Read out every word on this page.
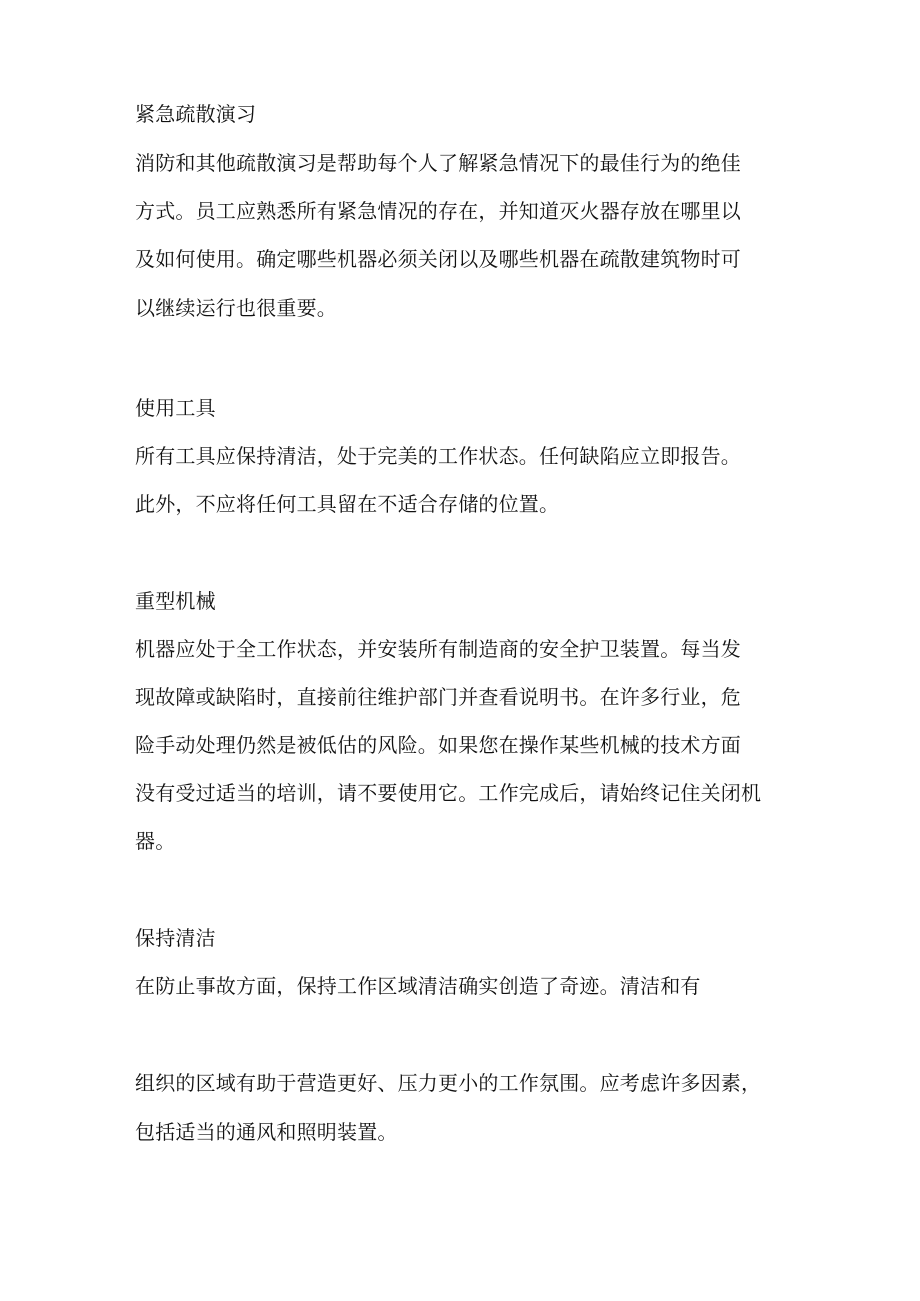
紧急疏散演习
消防和其他疏散演习是帮助每个人了解紧急情况下的最佳行为的绝佳
方式。员工应熟悉所有紧急情况的存在，并知道灭火器存放在哪里以
及如何使用。确定哪些机器必须关闭以及哪些机器在疏散建筑物时可
以继续运行也很重要。
使用工具
所有工具应保持清洁，处于完美的工作状态。任何缺陷应立即报告。
此外，不应将任何工具留在不适合存储的位置。
重型机械
机器应处于全工作状态，并安装所有制造商的安全护卫装置。每当发
现故障或缺陷时，直接前往维护部门并查看说明书。在许多行业，危
险手动处理仍然是被低估的风险。如果您在操作某些机械的技术方面
没有受过适当的培训，请不要使用它。工作完成后，请始终记住关闭机
器。
保持清洁
在防止事故方面，保持工作区域清洁确实创造了奇迹。清洁和有
组织的区域有助于营造更好、压力更小的工作氛围。应考虑许多因素，
包括适当的通风和照明装置。
